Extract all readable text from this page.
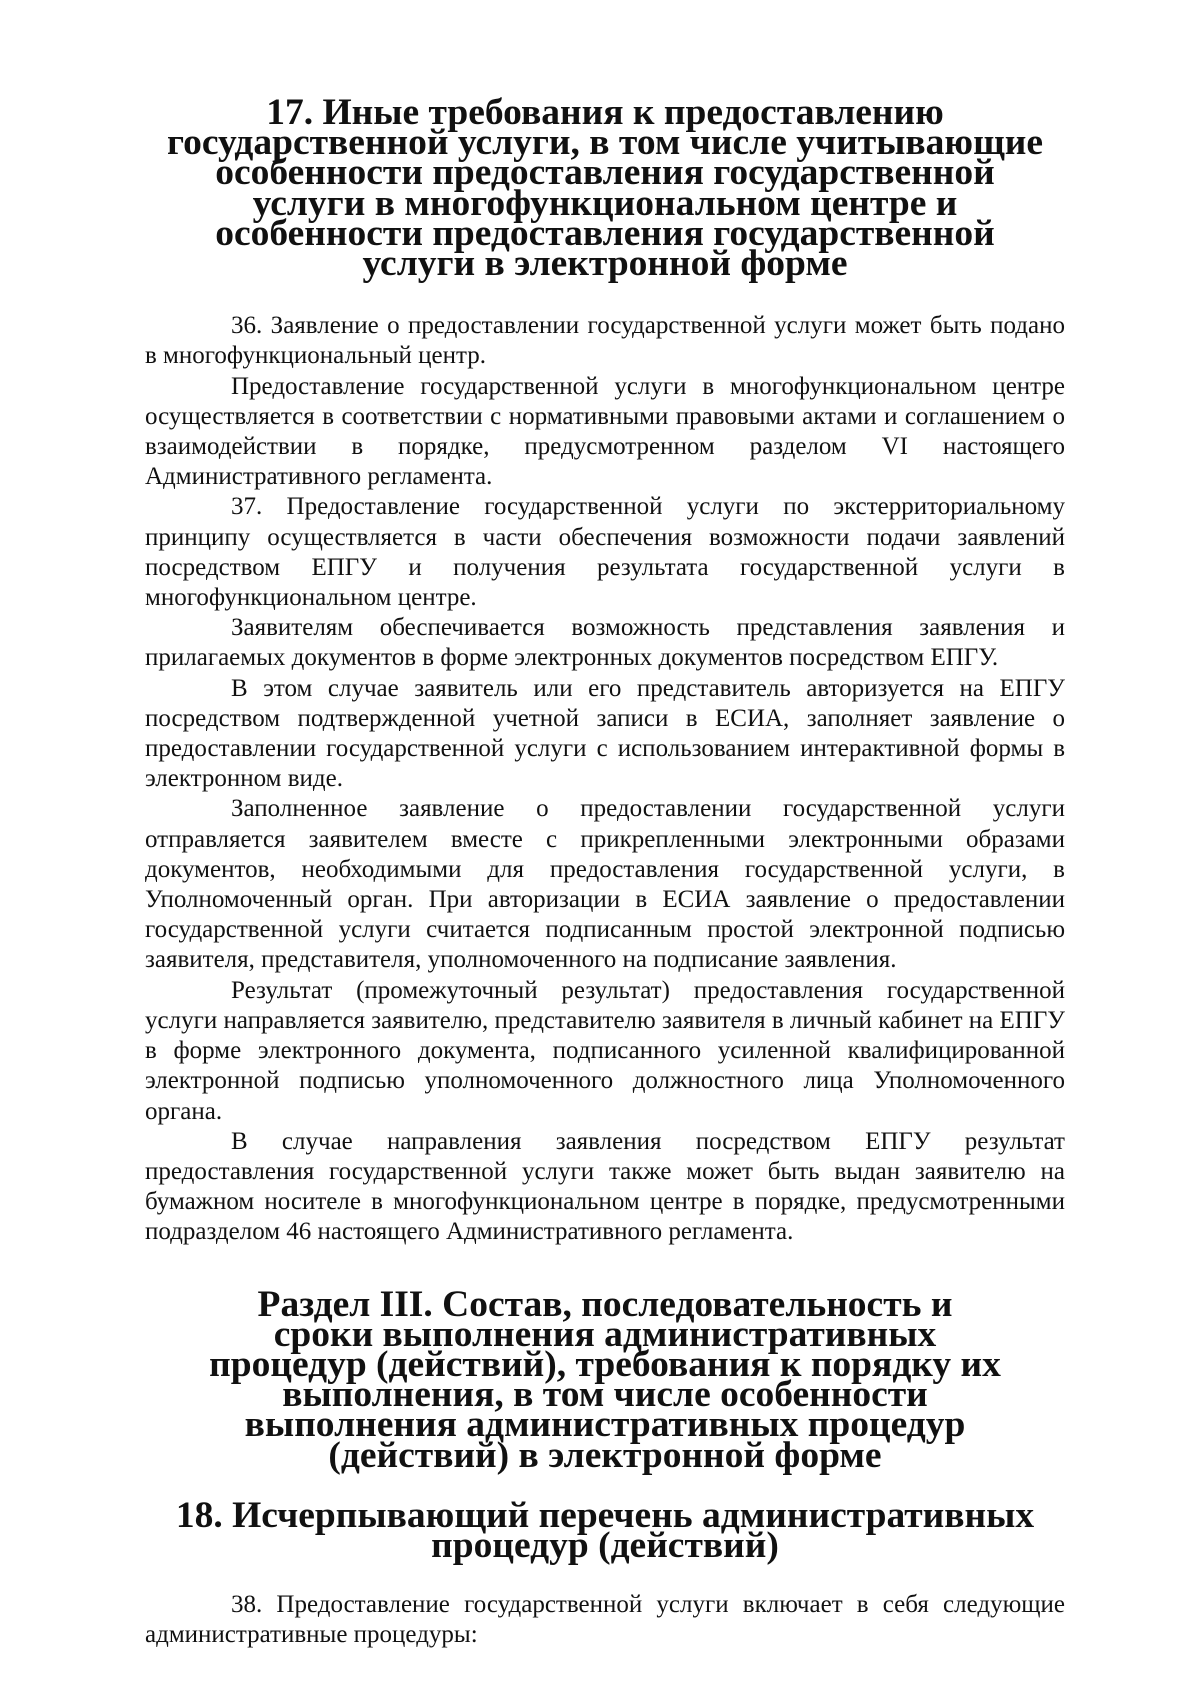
17. Иные требования к предоставлению государственной услуги, в том числе учитывающие особенности предоставления государственной услуги в многофункциональном центре и особенности предоставления государственной услуги в электронной форме

36. Заявление о предоставлении государственной услуги может быть подано в многофункциональный центр.

Предоставление государственной услуги в многофункциональном центре осуществляется в соответствии с нормативными правовыми актами и соглашением о взаимодействии в порядке, предусмотренном разделом VI настоящего Административного регламента.

37. Предоставление государственной услуги по экстерриториальному принципу осуществляется в части обеспечения возможности подачи заявлений посредством ЕПГУ и получения результата государственной услуги в многофункциональном центре.

Заявителям обеспечивается возможность представления заявления и прилагаемых документов в форме электронных документов посредством ЕПГУ.

В этом случае заявитель или его представитель авторизуется на ЕПГУ посредством подтвержденной учетной записи в ЕСИА, заполняет заявление о предоставлении государственной услуги с использованием интерактивной формы в электронном виде.

Заполненное заявление о предоставлении государственной услуги отправляется заявителем вместе с прикрепленными электронными образами документов, необходимыми для предоставления государственной услуги, в Уполномоченный орган. При авторизации в ЕСИА заявление о предоставлении государственной услуги считается подписанным простой электронной подписью заявителя, представителя, уполномоченного на подписание заявления.

Результат (промежуточный результат) предоставления государственной услуги направляется заявителю, представителю заявителя в личный кабинет на ЕПГУ в форме электронного документа, подписанного усиленной квалифицированной электронной подписью уполномоченного должностного лица Уполномоченного органа.

В случае направления заявления посредством ЕПГУ результат предоставления государственной услуги также может быть выдан заявителю на бумажном носителе в многофункциональном центре в порядке, предусмотренными подразделом 46 настоящего Административного регламента.

Раздел III. Состав, последовательность и сроки выполнения административных процедур (действий), требования к порядку их выполнения, в том числе особенности выполнения административных процедур (действий) в электронной форме
18. Исчерпывающий перечень административных процедур (действий)

38. Предоставление государственной услуги включает в себя следующие административные процедуры:
